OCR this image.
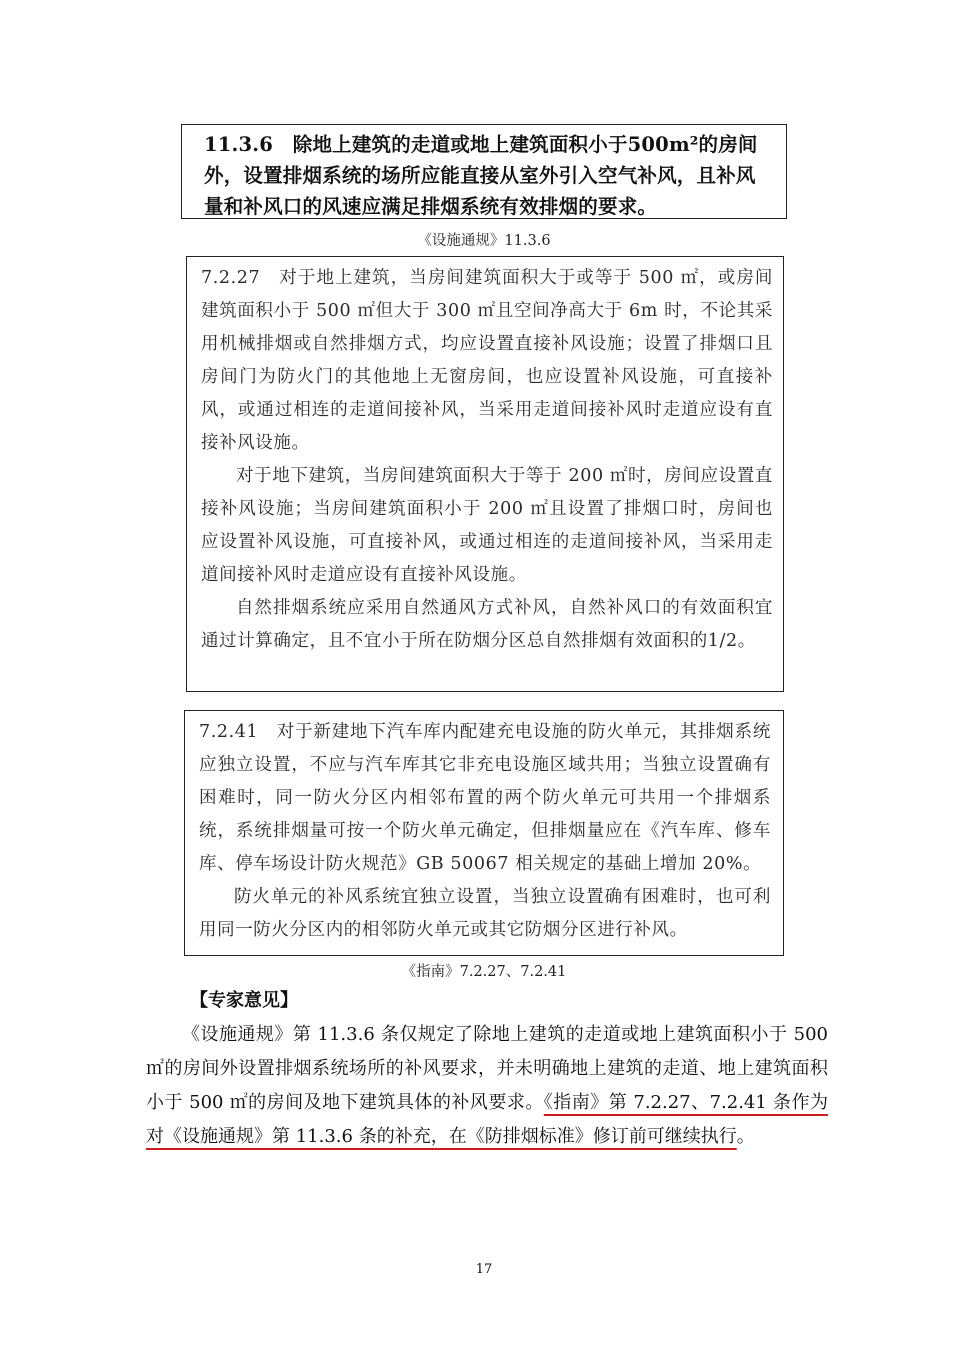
11.3.6　除地上建筑的走道或地上建筑面积小于500m²的房间外，设置排烟系统的场所应能直接从室外引入空气补风，且补风量和补风口的风速应满足排烟系统有效排烟的要求。

《设施通规》11.3.6

7.2.27　对于地上建筑，当房间建筑面积大于或等于 500 ㎡，或房间建筑面积小于 500 ㎡但大于 300 ㎡且空间净高大于 6m 时，不论其采用机械排烟或自然排烟方式，均应设置直接补风设施；设置了排烟口且房间门为防火门的其他地上无窗房间，也应设置补风设施，可直接补风，或通过相连的走道间接补风，当采用走道间接补风时走道应设有直接补风设施。

对于地下建筑，当房间建筑面积大于等于 200 ㎡时，房间应设置直接补风设施；当房间建筑面积小于 200 ㎡且设置了排烟口时，房间也应设置补风设施，可直接补风，或通过相连的走道间接补风，当采用走道间接补风时走道应设有直接补风设施。

自然排烟系统应采用自然通风方式补风，自然补风口的有效面积宜通过计算确定，且不宜小于所在防烟分区总自然排烟有效面积的1/2。

7.2.41　对于新建地下汽车库内配建充电设施的防火单元，其排烟系统应独立设置，不应与汽车库其它非充电设施区域共用；当独立设置确有困难时，同一防火分区内相邻布置的两个防火单元可共用一个排烟系统，系统排烟量可按一个防火单元确定，但排烟量应在《汽车库、修车库、停车场设计防火规范》GB 50067 相关规定的基础上增加 20%。

防火单元的补风系统宜独立设置，当独立设置确有困难时，也可利用同一防火分区内的相邻防火单元或其它防烟分区进行补风。

《指南》7.2.27、7.2.41

【专家意见】

《设施通规》第 11.3.6 条仅规定了除地上建筑的走道或地上建筑面积小于 500 ㎡的房间外设置排烟系统场所的补风要求，并未明确地上建筑的走道、地上建筑面积小于 500 ㎡的房间及地下建筑具体的补风要求。《指南》第 7.2.27、7.2.41 条作为对《设施通规》第 11.3.6 条的补充，在《防排烟标准》修订前可继续执行。

17
